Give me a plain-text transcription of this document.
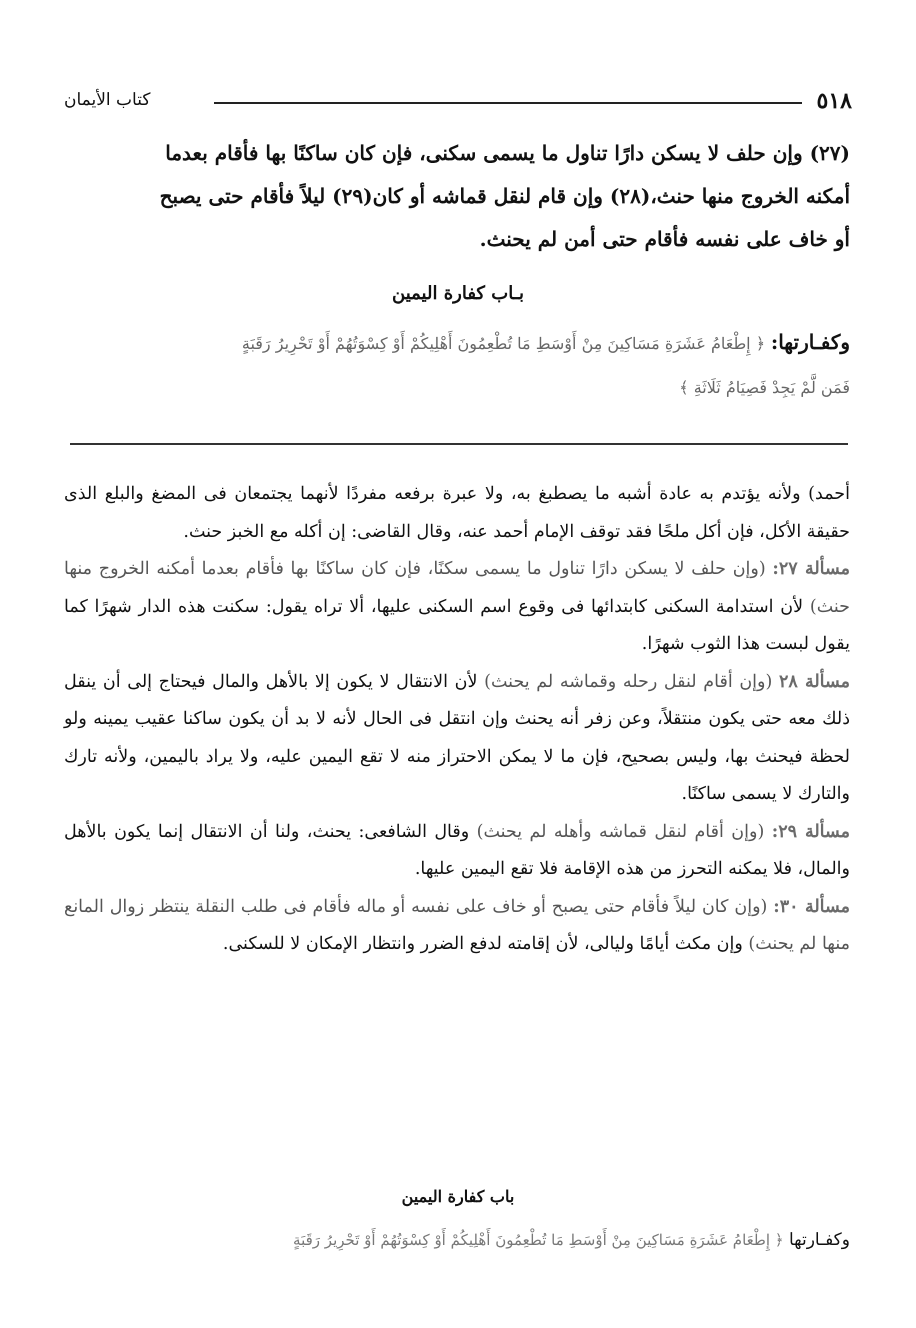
٥١٨
كتاب الأيمان
(٢٧) وإن حلف لا يسكن دارًا تناول ما يسمى سكنى، فإن كان ساكنًا بها فأقام بعدما
أمكنه الخروج منها حنث،(٢٨) وإن قام لنقل قماشه أو كان(٢٩) ليلاً فأقام حتى يصبح
أو خاف على نفسه فأقام حتى أمن لم يحنث.
بـاب كفارة اليمين
وكفـارتها: ﴿ إِطْعَامُ عَشَرَةِ مَسَاكِينَ مِنْ أَوْسَطِ مَا تُطْعِمُونَ أَهْلِيكُمْ أَوْ كِسْوَتُهُمْ أَوْ تَحْرِيرُ رَقَبَةٍ
فَمَن لَّمْ يَجِدْ فَصِيَامُ ثَلَاثَةِ ﴾

أحمد) ولأنه يؤتدم به عادة أشبه ما يصطبغ به، ولا عبرة برفعه مفردًا لأنهما يجتمعان فى المضغ والبلع الذى حقيقة الأكل، فإن أكل ملحًا فقد توقف الإمام أحمد عنه، وقال القاضى: إن أكله مع الخبز حنث.

مسألة ٢٧: (وإن حلف لا يسكن دارًا تناول ما يسمى سكنًا، فإن كان ساكنًا بها فأقام بعدما أمكنه الخروج منها حنث) لأن استدامة السكنى كابتدائها فى وقوع اسم السكنى عليها، ألا تراه يقول: سكنت هذه الدار شهرًا كما يقول لبست هذا الثوب شهرًا.

مسألة ٢٨ (وإن أقام لنقل رحله وقماشه لم يحنث) لأن الانتقال لا يكون إلا بالأهل والمال فيحتاج إلى أن ينقل ذلك معه حتى يكون منتقلاً، وعن زفر أنه يحنث وإن انتقل فى الحال لأنه لا بد أن يكون ساكنا عقيب يمينه ولو لحظة فيحنث بها، وليس بصحيح، فإن ما لا يمكن الاحتراز منه لا تقع اليمين عليه، ولا يراد باليمين، ولأنه تارك والتارك لا يسمى ساكنًا.

مسألة ٢٩: (وإن أقام لنقل قماشه وأهله لم يحنث) وقال الشافعى: يحنث، ولنا أن الانتقال إنما يكون بالأهل والمال، فلا يمكنه التحرز من هذه الإقامة فلا تقع اليمين عليها.

مسألة ٣٠: (وإن كان ليلاً فأقام حتى يصبح أو خاف على نفسه أو ماله فأقام فى طلب النقلة ينتظر زوال المانع منها لم يحنث) وإن مكث أيامًا وليالى، لأن إقامته لدفع الضرر وانتظار الإمكان لا للسكنى.

باب كفارة اليمين
وكفـارتها ﴿ إِطْعَامُ عَشَرَةِ مَسَاكِينَ مِنْ أَوْسَطِ مَا تُطْعِمُونَ أَهْلِيكُمْ أَوْ كِسْوَتُهُمْ أَوْ تَحْرِيرُ رَقَبَةٍ
